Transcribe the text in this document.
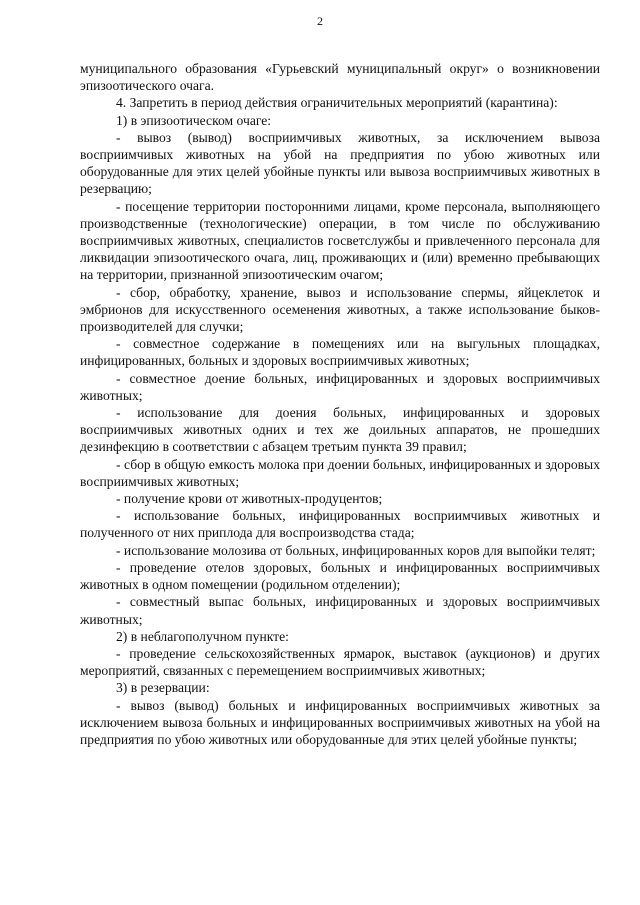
2

муниципального образования «Гурьевский муниципальный округ» о возникновении эпизоотического очага.

4. Запретить в период действия ограничительных мероприятий (карантина):

1) в эпизоотическом очаге:

- вывоз (вывод) восприимчивых животных, за исключением вывоза восприимчивых животных на убой на предприятия по убою животных или оборудованные для этих целей убойные пункты или вывоза восприимчивых животных в резервацию;

- посещение территории посторонними лицами, кроме персонала, выполняющего производственные (технологические) операции, в том числе по обслуживанию восприимчивых животных, специалистов госветслужбы и привлеченного персонала для ликвидации эпизоотического очага, лиц, проживающих и (или) временно пребывающих на территории, признанной эпизоотическим очагом;

- сбор, обработку, хранение, вывоз и использование спермы, яйцеклеток и эмбрионов для искусственного осеменения животных, а также использование быков-производителей для случки;

- совместное содержание в помещениях или на выгульных площадках, инфицированных, больных и здоровых восприимчивых животных;

- совместное доение больных, инфицированных и здоровых восприимчивых животных;

- использование для доения больных, инфицированных и здоровых восприимчивых животных одних и тех же доильных аппаратов, не прошедших дезинфекцию в соответствии с абзацем третьим пункта 39 правил;

- сбор в общую емкость молока при доении больных, инфицированных и здоровых восприимчивых животных;

- получение крови от животных-продуцентов;

- использование больных, инфицированных восприимчивых животных и полученного от них приплода для воспроизводства стада;

- использование молозива от больных, инфицированных коров для выпойки телят;

- проведение отелов здоровых, больных и инфицированных восприимчивых животных в одном помещении (родильном отделении);

- совместный выпас больных, инфицированных и здоровых восприимчивых животных;

2) в неблагополучном пункте:

- проведение сельскохозяйственных ярмарок, выставок (аукционов) и других мероприятий, связанных с перемещением восприимчивых животных;

3) в резервации:

- вывоз (вывод) больных и инфицированных восприимчивых животных за исключением вывоза больных и инфицированных восприимчивых животных на убой на предприятия по убою животных или оборудованные для этих целей убойные пункты;
